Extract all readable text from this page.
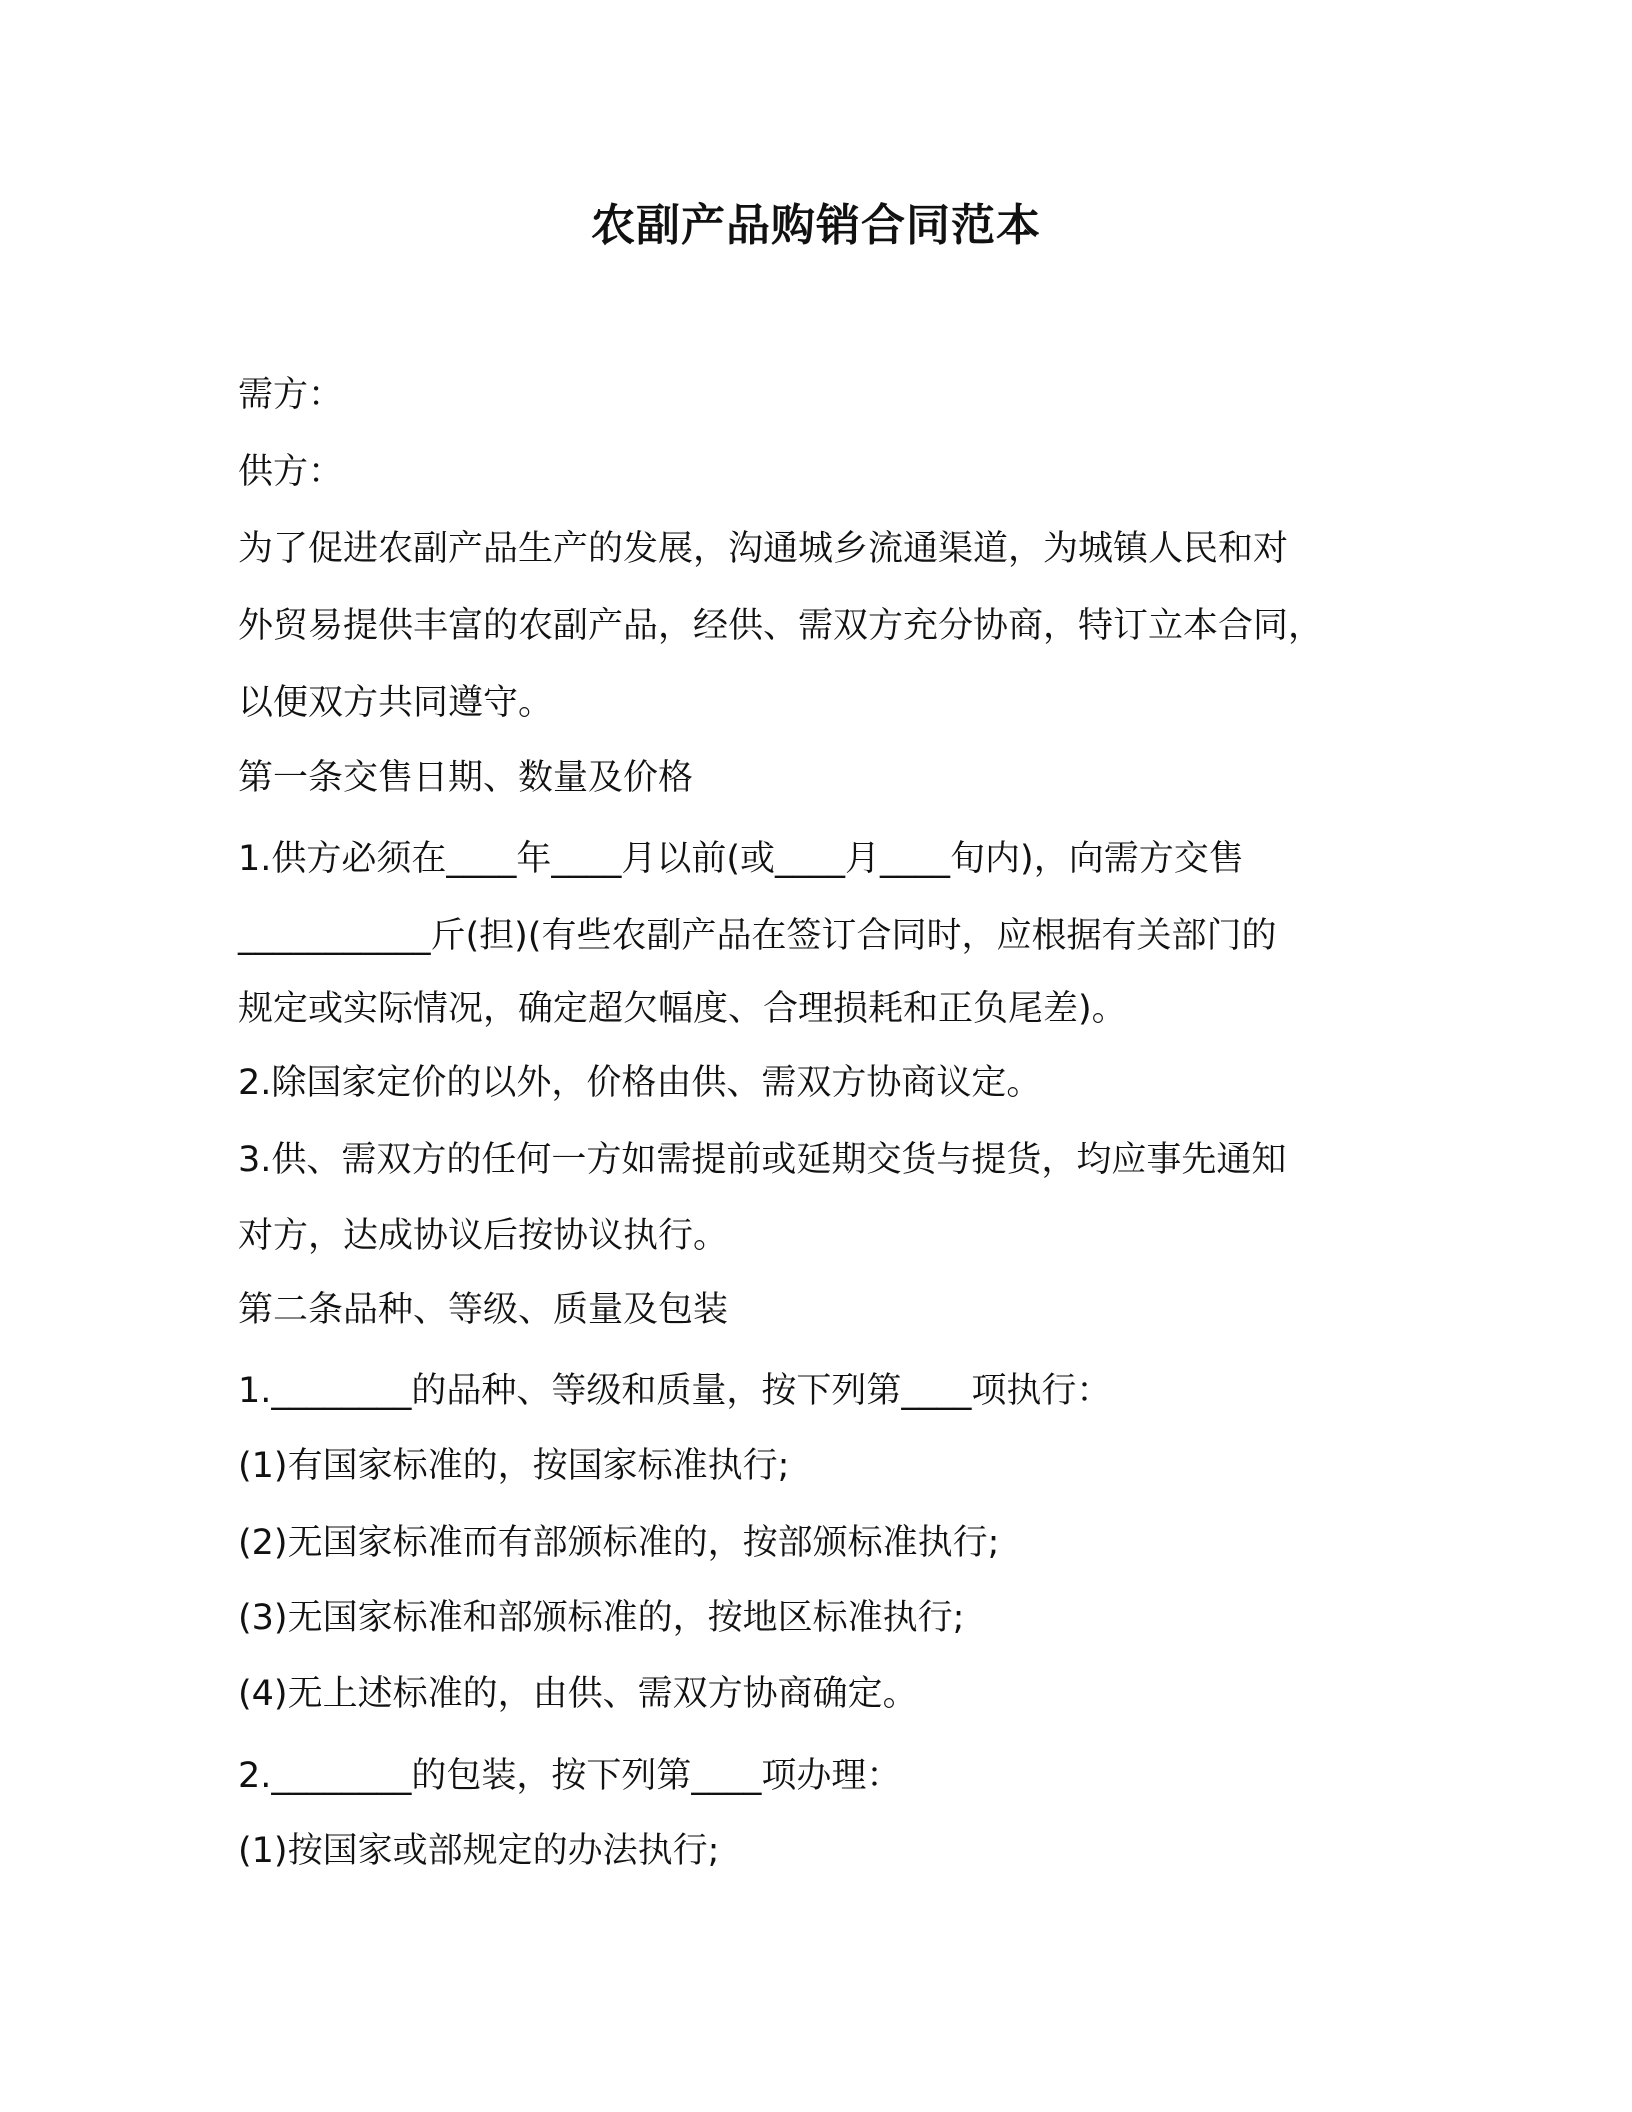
农副产品购销合同范本

需方：

供方：

为了促进农副产品生产的发展，沟通城乡流通渠道，为城镇人民和对

外贸易提供丰富的农副产品，经供、需双方充分协商，特订立本合同，

以便双方共同遵守。

第一条交售日期、数量及价格

1.供方必须在____年____月以前(或____月____旬内)，向需方交售

___________斤(担)(有些农副产品在签订合同时，应根据有关部门的

规定或实际情况，确定超欠幅度、合理损耗和正负尾差)。

2.除国家定价的以外，价格由供、需双方协商议定。

3.供、需双方的任何一方如需提前或延期交货与提货，均应事先通知

对方，达成协议后按协议执行。

第二条品种、等级、质量及包装

1.________的品种、等级和质量，按下列第____项执行：

(1)有国家标准的，按国家标准执行;

(2)无国家标准而有部颁标准的，按部颁标准执行;

(3)无国家标准和部颁标准的，按地区标准执行;

(4)无上述标准的，由供、需双方协商确定。

2.________的包装，按下列第____项办理：

(1)按国家或部规定的办法执行;
